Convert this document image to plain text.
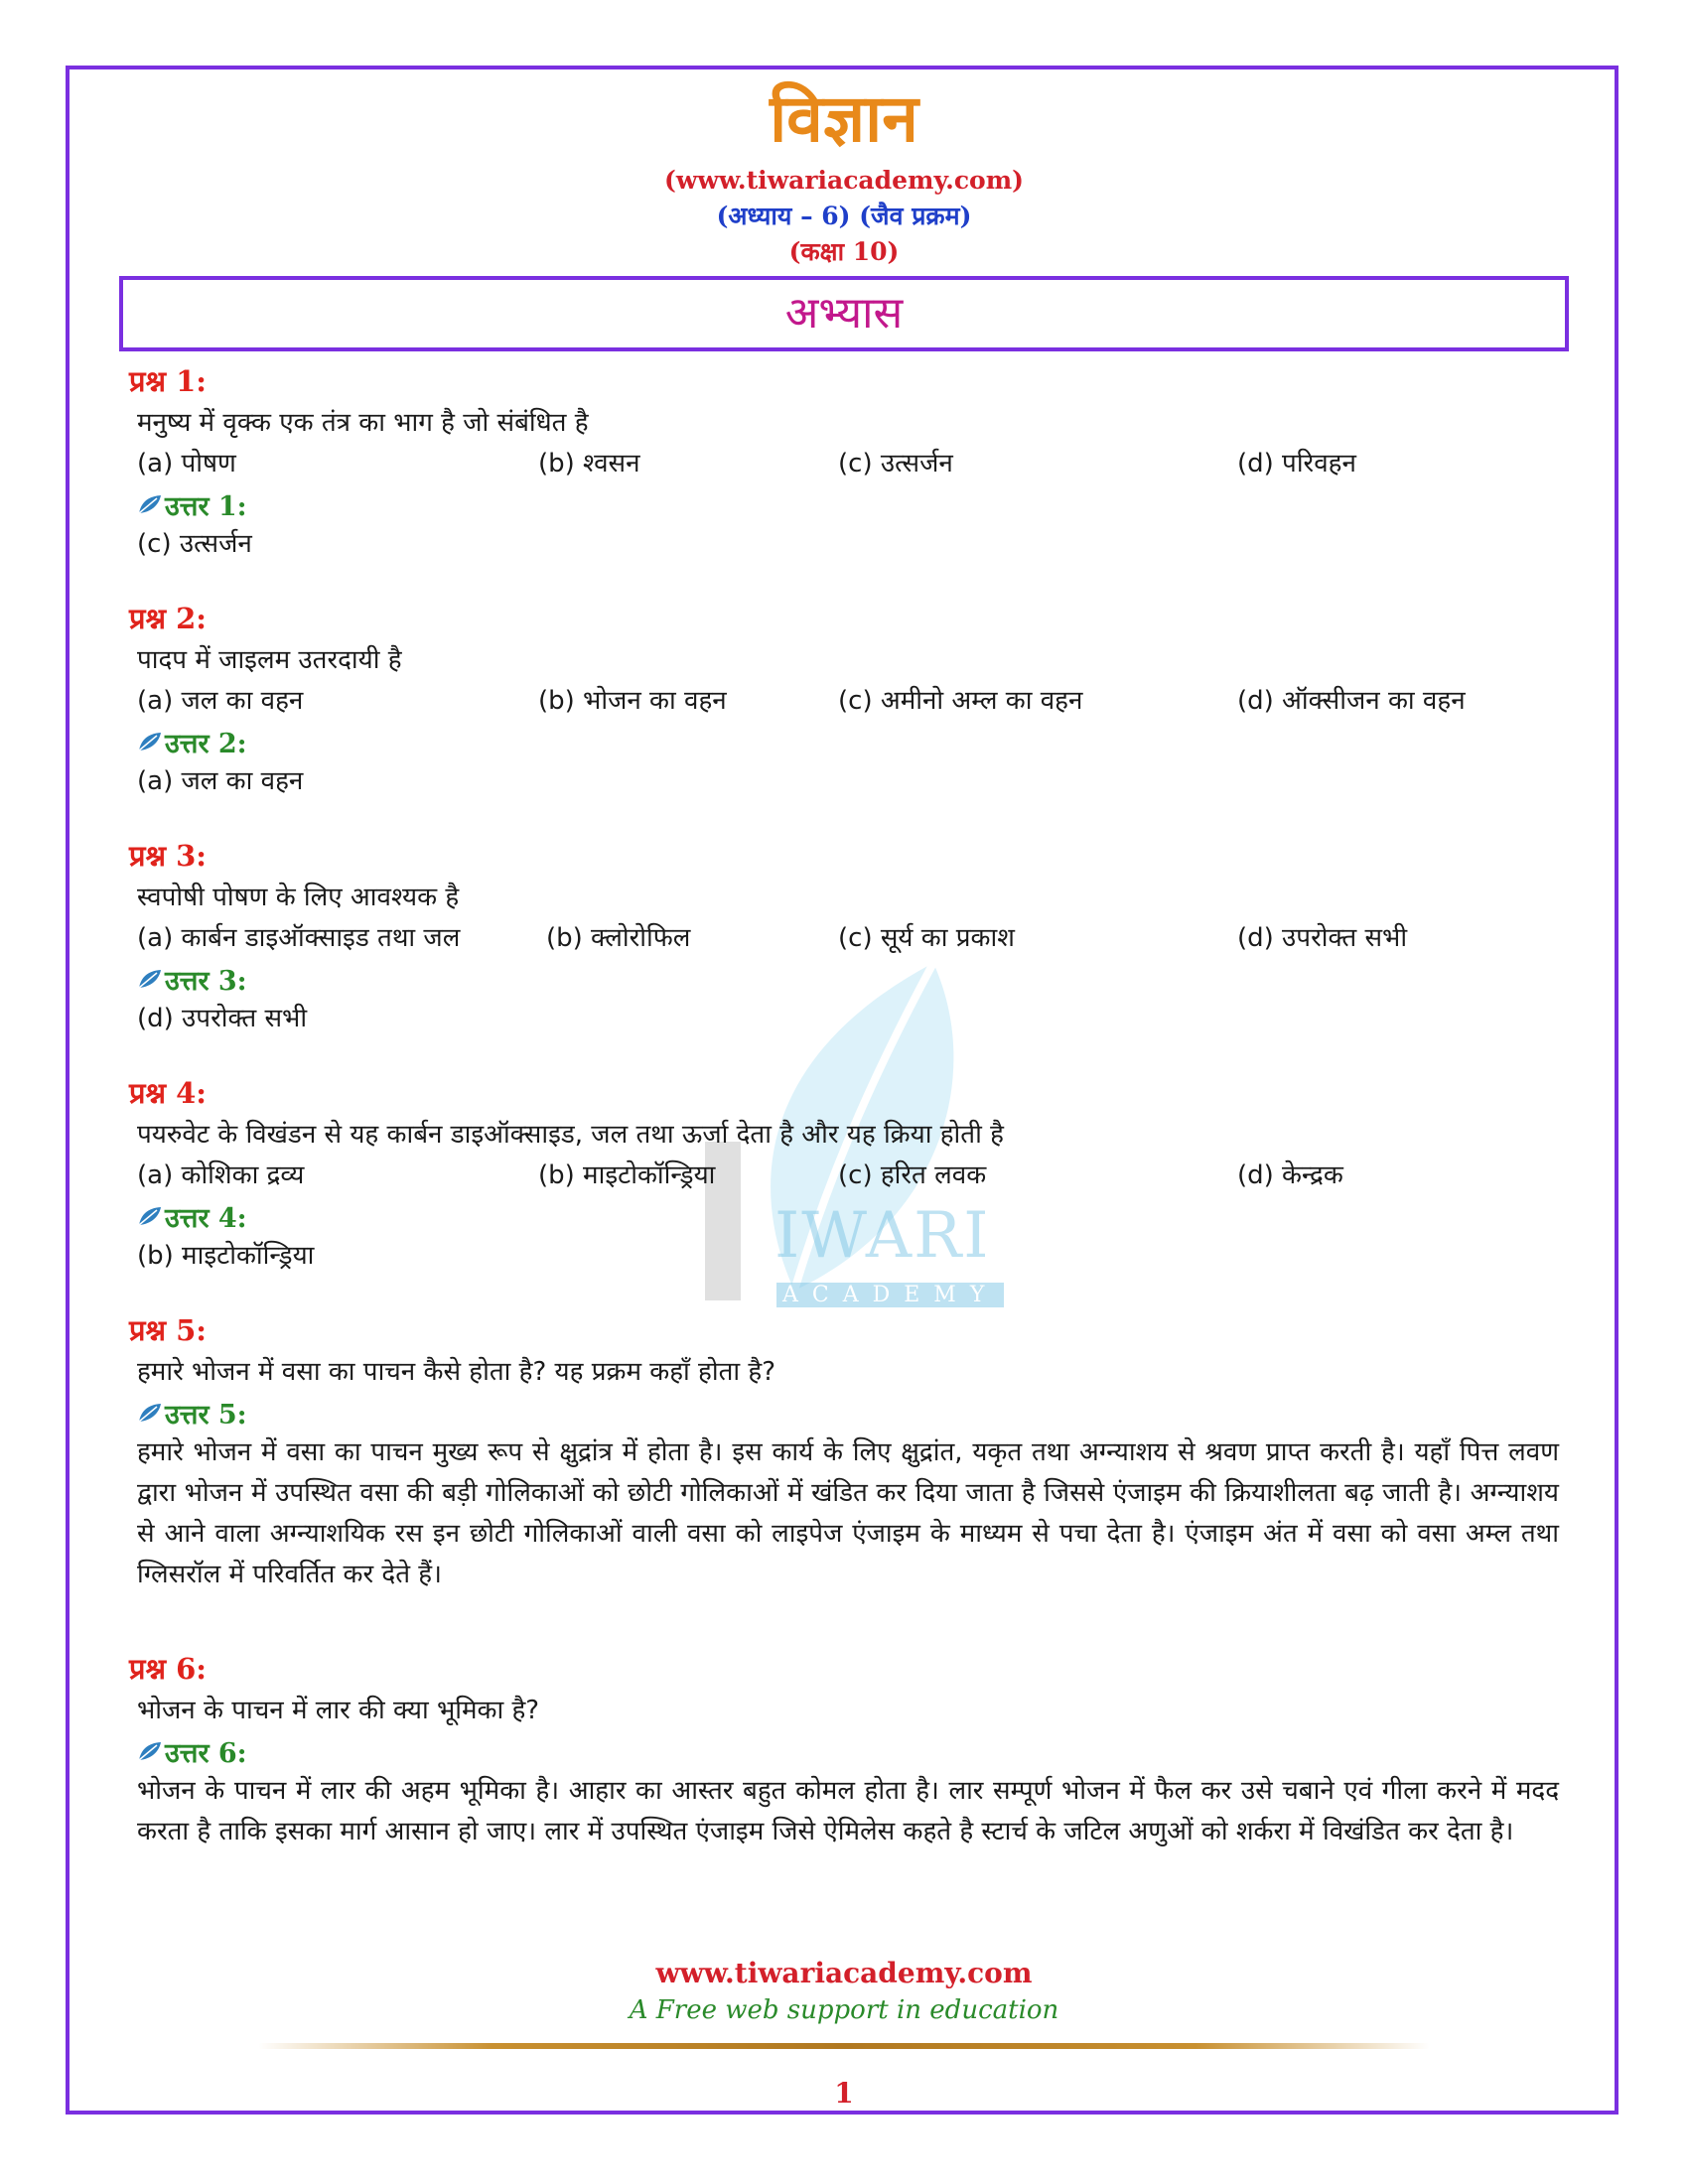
विज्ञान
(www.tiwariacademy.com)
(अध्याय – 6) (जैव प्रक्रम)
(कक्षा 10)
अभ्यास
IWARI
ACADEMY
प्रश्न 1:
मनुष्य में वृक्क एक तंत्र का भाग है जो संबंधित है
(a) पोषण	(b) श्वसन	(c) उत्सर्जन	(d) परिवहन
उत्तर 1:
(c) उत्सर्जन
प्रश्न 2:
पादप में जाइलम उतरदायी है
(a) जल का वहन	(b) भोजन का वहन	(c) अमीनो अम्ल का वहन	(d) ऑक्सीजन का वहन
उत्तर 2:
(a) जल का वहन
प्रश्न 3:
स्वपोषी पोषण के लिए आवश्यक है
(a) कार्बन डाइऑक्साइड तथा जल	(b) क्लोरोफिल	(c) सूर्य का प्रकाश	(d) उपरोक्त सभी
उत्तर 3:
(d) उपरोक्त सभी
प्रश्न 4:
पयरुवेट के विखंडन से यह कार्बन डाइऑक्साइड, जल तथा ऊर्जा देता है और यह क्रिया होती है
(a) कोशिका द्रव्य	(b) माइटोकॉन्ड्रिया	(c) हरित लवक	(d) केन्द्रक
उत्तर 4:
(b) माइटोकॉन्ड्रिया
प्रश्न 5:
हमारे भोजन में वसा का पाचन कैसे होता है? यह प्रक्रम कहाँ होता है?
उत्तर 5:
हमारे भोजन में वसा का पाचन मुख्य रूप से क्षुद्रांत्र में होता है। इस कार्य के लिए क्षुद्रांत, यकृत तथा अग्न्याशय से श्रवण प्राप्त करती है। यहाँ पित्त लवण द्वारा भोजन में उपस्थित वसा की बड़ी गोलिकाओं को छोटी गोलिकाओं में खंडित कर दिया जाता है जिससे एंजाइम की क्रियाशीलता बढ़ जाती है। अग्न्याशय से आने वाला अग्न्याशयिक रस इन छोटी गोलिकाओं वाली वसा को लाइपेज एंजाइम के माध्यम से पचा देता है। एंजाइम अंत में वसा को वसा अम्ल तथा ग्लिसरॉल में परिवर्तित कर देते हैं।
प्रश्न 6:
भोजन के पाचन में लार की क्या भूमिका है?
उत्तर 6:
भोजन के पाचन में लार की अहम भूमिका है। आहार का आस्तर बहुत कोमल होता है। लार सम्पूर्ण भोजन में फैल कर उसे चबाने एवं गीला करने में मदद करता है ताकि इसका मार्ग आसान हो जाए। लार में उपस्थित एंजाइम जिसे ऐमिलेस कहते है स्टार्च के जटिल अणुओं को शर्करा में विखंडित कर देता है।
www.tiwariacademy.com
A Free web support in education
1
